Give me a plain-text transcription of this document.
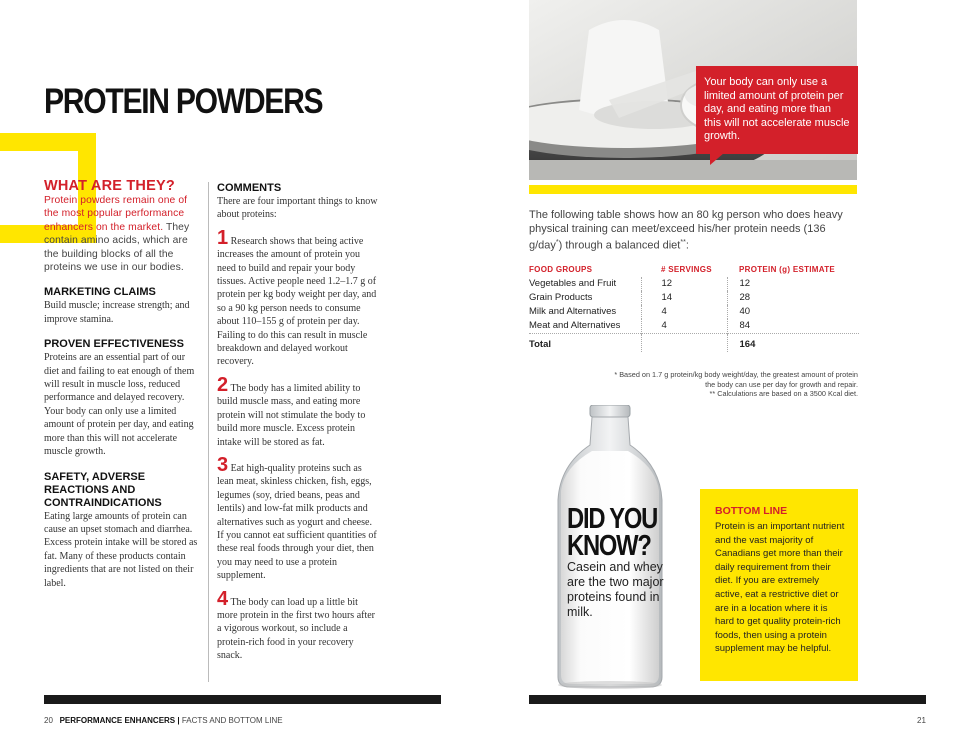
PROTEIN POWDERS
WHAT ARE THEY?

Protein powders remain one of the most popular performance enhancers on the market. They contain amino acids, which are the building blocks of all the proteins we use in our bodies.

MARKETING CLAIMS

Build muscle; increase strength; and improve stamina.

PROVEN EFFECTIVENESS

Proteins are an essential part of our diet and failing to eat enough of them will result in muscle loss, reduced performance and delayed recovery. Your body can only use a limited amount of protein per day, and eating more than this will not accelerate muscle growth.

SAFETY, ADVERSE REACTIONS AND CONTRAINDICATIONS

Eating large amounts of protein can cause an upset stomach and diarrhea. Excess protein intake will be stored as fat. Many of these products contain ingredients that are not listed on their label.

COMMENTS

There are four important things to know about proteins:

1 Research shows that being active increases the amount of protein you need to build and repair your body tissues. Active people need 1.2–1.7 g of protein per kg body weight per day, and so a 90 kg person needs to consume about 110–155 g of protein per day. Failing to do this can result in muscle breakdown and delayed workout recovery.

2 The body has a limited ability to build muscle mass, and eating more protein will not stimulate the body to build more muscle. Excess protein intake will be stored as fat.

3 Eat high-quality proteins such as lean meat, skinless chicken, fish, eggs, legumes (soy, dried beans, peas and lentils) and low-fat milk products and alternatives such as yogurt and cheese. If you cannot eat sufficient quantities of these real foods through your diet, then you may need to use a protein supplement.

4 The body can load up a little bit more protein in the first two hours after a vigorous workout, so include a protein-rich food in your recovery snack.

20 PERFORMANCE ENHANCERS | FACTS AND BOTTOM LINE
Your body can only use a limited amount of protein per day, and eating more than this will not accelerate muscle growth.

The following table shows how an 80 kg person who does heavy physical training can meet/exceed his/her protein needs (136 g/day*) through a balanced diet**:

FOOD GROUPS	# SERVINGS	PROTEIN (g) ESTIMATE
Vegetables and Fruit	12	12
Grain Products	14	28
Milk and Alternatives	4	40
Meat and Alternatives	4	84
Total		164

* Based on 1.7 g protein/kg body weight/day, the greatest amount of protein the body can use per day for growth and repair.

** Calculations are based on a 3500 Kcal diet.

DID YOU
KNOW?

Casein and whey are the two major proteins found in milk.

BOTTOM LINE

Protein is an important nutrient and the vast majority of Canadians get more than their daily requirement from their diet. If you are extremely active, eat a restrictive diet or are in a location where it is hard to get quality protein-rich foods, then using a protein supplement may be helpful.

21
